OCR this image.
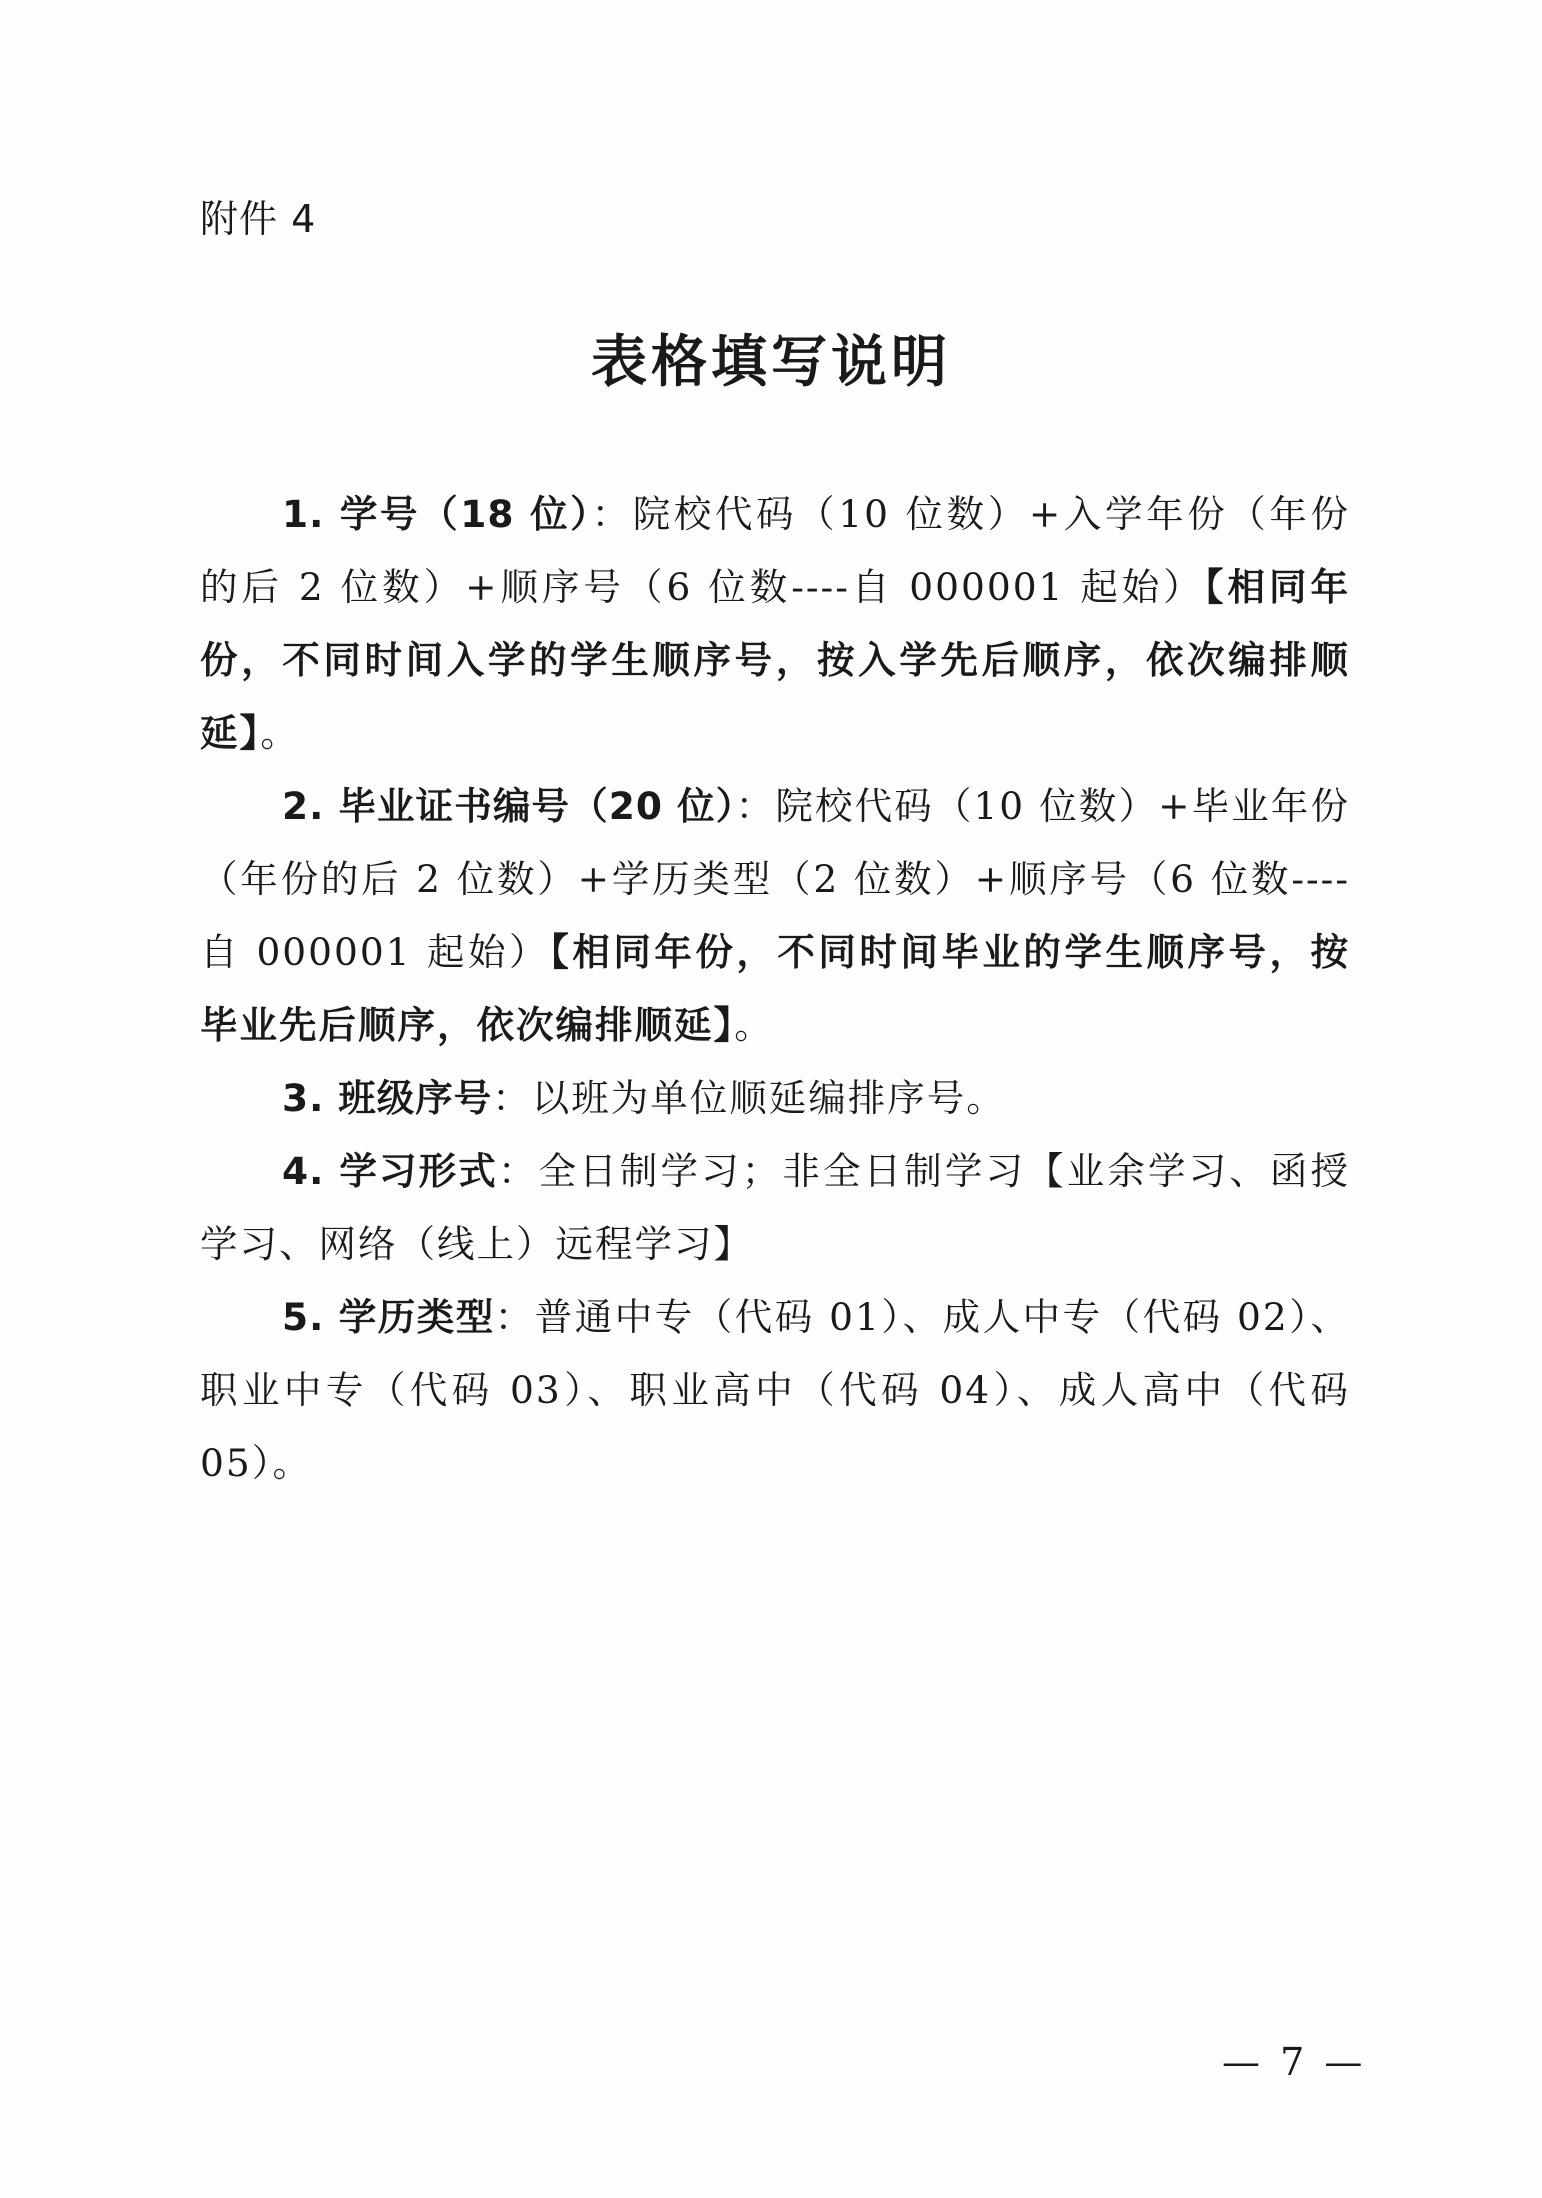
附件 4
表格填写说明

1. 学号（18 位）：院校代码（10 位数）+入学年份（年份的后 2 位数）+顺序号（6 位数----自 000001 起始）【相同年份，不同时间入学的学生顺序号，按入学先后顺序，依次编排顺延】。

2. 毕业证书编号（20 位）：院校代码（10 位数）+毕业年份（年份的后 2 位数）+学历类型（2 位数）+顺序号（6 位数----自 000001 起始）【相同年份，不同时间毕业的学生顺序号，按毕业先后顺序，依次编排顺延】。

3. 班级序号：以班为单位顺延编排序号。

4. 学习形式：全日制学习；非全日制学习【业余学习、函授学习、网络（线上）远程学习】

5. 学历类型：普通中专（代码 01）、成人中专（代码 02）、职业中专（代码 03）、职业高中（代码 04）、成人高中（代码 05）。

— 7 —
